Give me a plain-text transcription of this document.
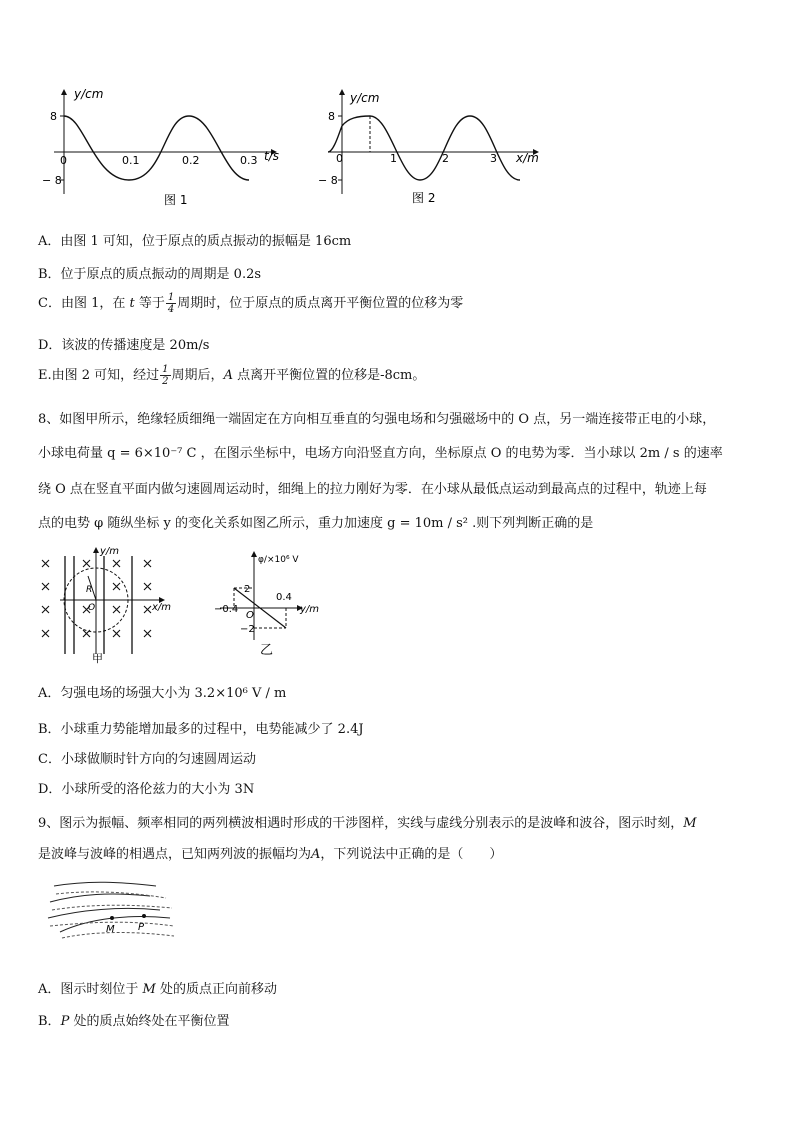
y/cm
t/s
8
− 8
0	0.1	0.2	0.3
图 1
y/cm
x/m
8
− 8
0	1	2	3
图 2
A．由图 1 可知，位于原点的质点振动的振幅是 16cm
B．位于原点的质点振动的周期是 0.2s
C．由图 1，在 t 等于 $\frac{1}{4}$ 周期时，位于原点的质点离开平衡位置的位移为零
D．该波的传播速度是 20m/s
E.由图 2 可知，经过 $\frac{1}{2}$ 周期后，A 点离开平衡位置的位移是-8cm。
8、如图甲所示，绝缘轻质细绳一端固定在方向相互垂直的匀强电场和匀强磁场中的 O 点，另一端连接带正电的小球，
小球电荷量 q = 6×10⁻⁷ C ，在图示坐标中，电场方向沿竖直方向，坐标原点 O 的电势为零．当小球以 2m / s 的速率
绕 O 点在竖直平面内做匀速圆周运动时，细绳上的拉力刚好为零．在小球从最低点运动到最高点的过程中，轨迹上每
点的电势 φ 随纵坐标 y 的变化关系如图乙所示，重力加速度 g = 10m / s² .则下列判断正确的是
y/m
x/m
R
O
甲
φ/×10⁶ V
y/m
O
2
−2
0.4
−0.4
乙
A．匀强电场的场强大小为 3.2×10⁶ V / m
B．小球重力势能增加最多的过程中，电势能减少了 2.4J
C．小球做顺时针方向的匀速圆周运动
D．小球所受的洛伦兹力的大小为 3N
9、图示为振幅、频率相同的两列横波相遇时形成的干涉图样，实线与虚线分别表示的是波峰和波谷，图示时刻，M
是波峰与波峰的相遇点，已知两列波的振幅均为A，下列说法中正确的是（　　）
M P
A．图示时刻位于 M 处的质点正向前移动
B．P 处的质点始终处在平衡位置
